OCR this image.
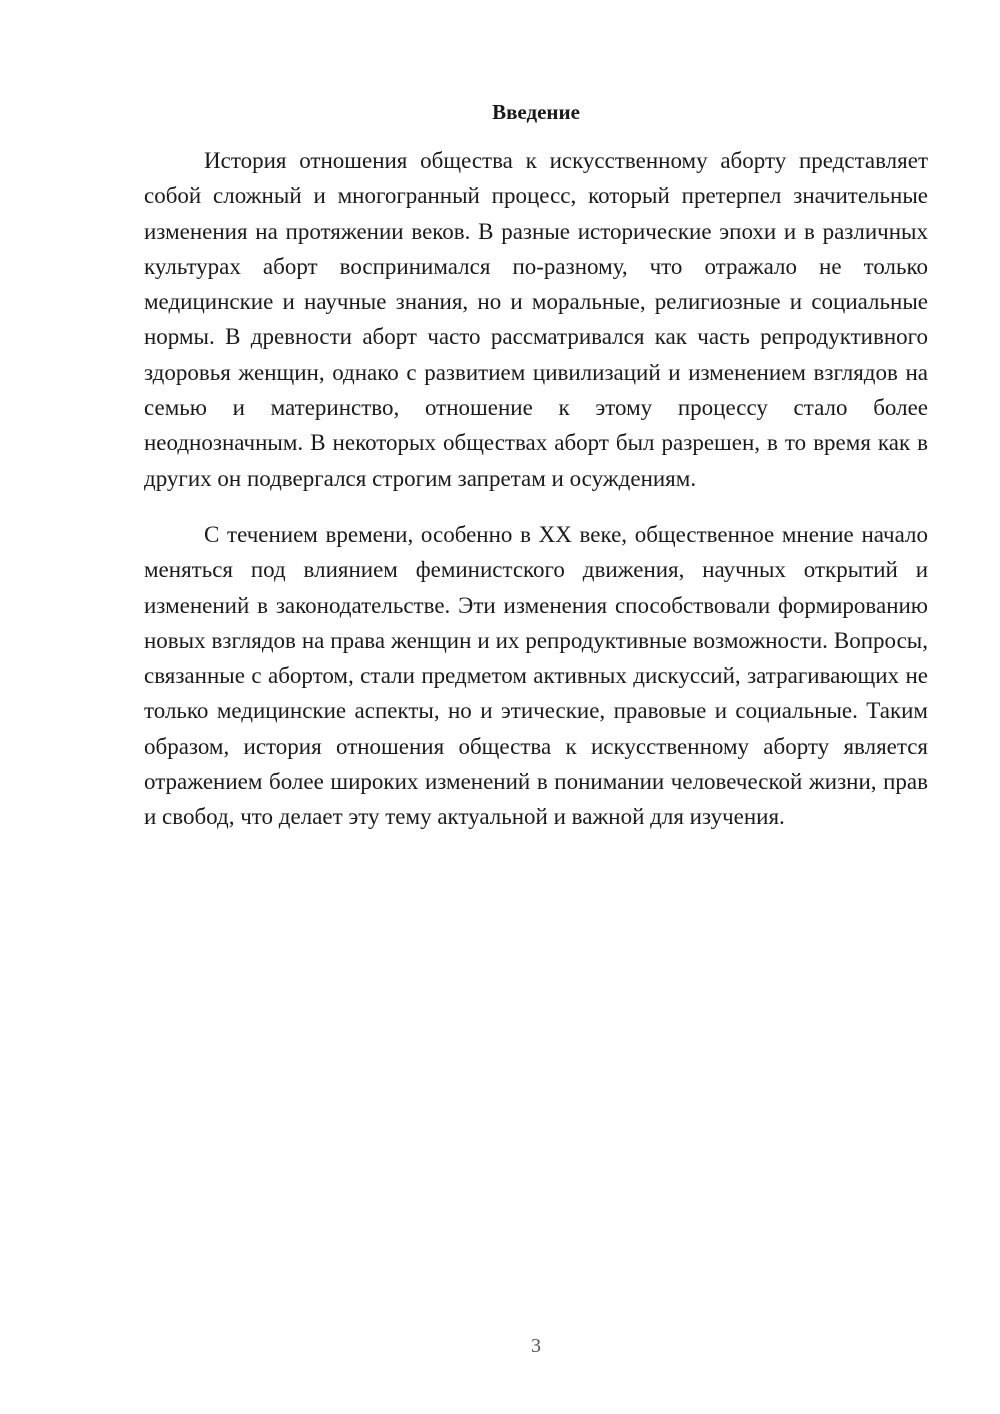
Введение

История отношения общества к искусственному аборту представляет собой сложный и многогранный процесс, который претерпел значительные изменения на протяжении веков. В разные исторические эпохи и в различных культурах аборт воспринимался по-разному, что отражало не только медицинские и научные знания, но и моральные, религиозные и социальные нормы. В древности аборт часто рассматривался как часть репродуктивного здоровья женщин, однако с развитием цивилизаций и изменением взглядов на семью и материнство, отношение к этому процессу стало более неоднозначным. В некоторых обществах аборт был разрешен, в то время как в других он подвергался строгим запретам и осуждениям.

С течением времени, особенно в XX веке, общественное мнение начало меняться под влиянием феминистского движения, научных открытий и изменений в законодательстве. Эти изменения способствовали формированию новых взглядов на права женщин и их репродуктивные возможности. Вопросы, связанные с абортом, стали предметом активных дискуссий, затрагивающих не только медицинские аспекты, но и этические, правовые и социальные. Таким образом, история отношения общества к искусственному аборту является отражением более широких изменений в понимании человеческой жизни, прав и свобод, что делает эту тему актуальной и важной для изучения.

3
